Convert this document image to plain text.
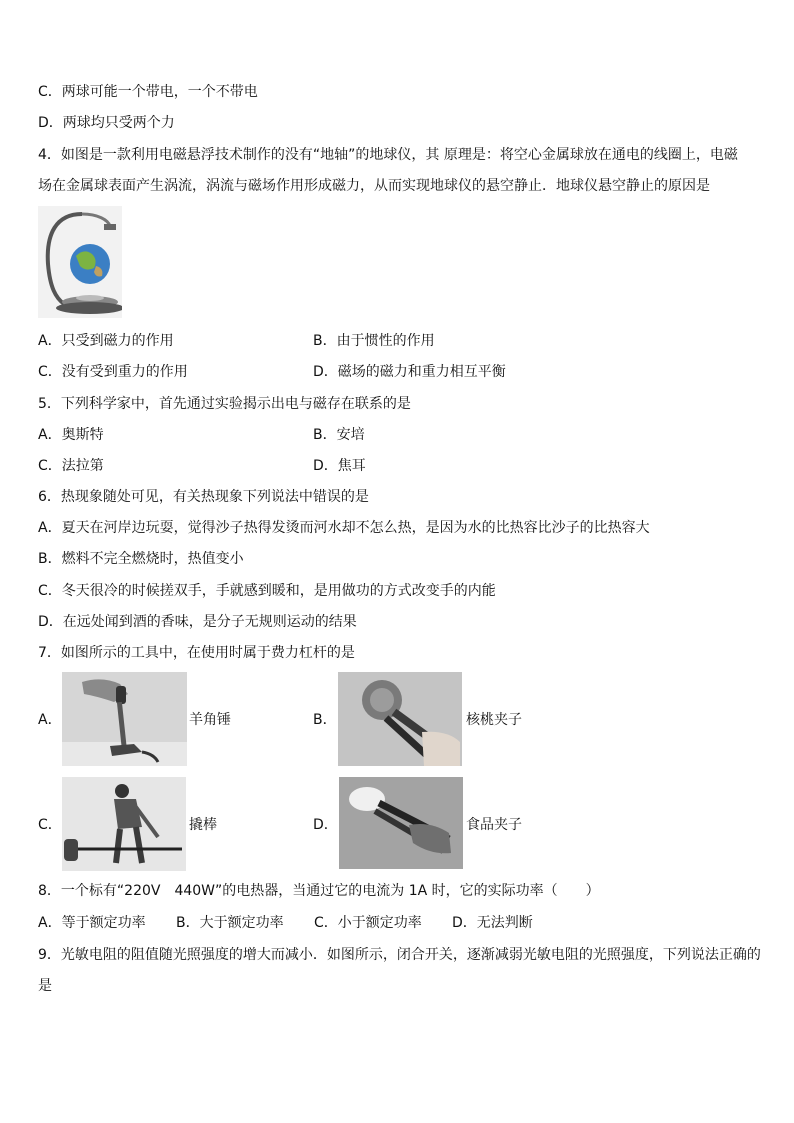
C．两球可能一个带电，一个不带电
D．两球均只受两个力
4．如图是一款利用电磁悬浮技术制作的没有“地轴”的地球仪，其 原理是：将空心金属球放在通电的线圈上，电磁
场在金属球表面产生涡流，涡流与磁场作用形成磁力，从而实现地球仪的悬空静止．地球仪悬空静止的原因是
A．只受到磁力的作用	B．由于惯性的作用
C．没有受到重力的作用	D．磁场的磁力和重力相互平衡
5．下列科学家中，首先通过实验揭示出电与磁存在联系的是
A．奥斯特	B．安培
C．法拉第	D．焦耳
6．热现象随处可见，有关热现象下列说法中错误的是
A．夏天在河岸边玩耍，觉得沙子热得发烫而河水却不怎么热，是因为水的比热容比沙子的比热容大
B．燃料不完全燃烧时，热值变小
C．冬天很冷的时候搓双手，手就感到暖和，是用做功的方式改变手的内能
D．在远处闻到酒的香味，是分子无规则运动的结果
7．如图所示的工具中，在使用时属于费力杠杆的是
A．	羊角锤	B．	核桃夹子
C．	撬棒	D．	食品夹子
8．一个标有“220V　440W”的电热器，当通过它的电流为 1A 时，它的实际功率（　　）
A．等于额定功率 B．大于额定功率 C．小于额定功率 D．无法判断
9．光敏电阻的阻值随光照强度的增大而减小．如图所示，闭合开关，逐渐减弱光敏电阻的光照强度，下列说法正确的
是
